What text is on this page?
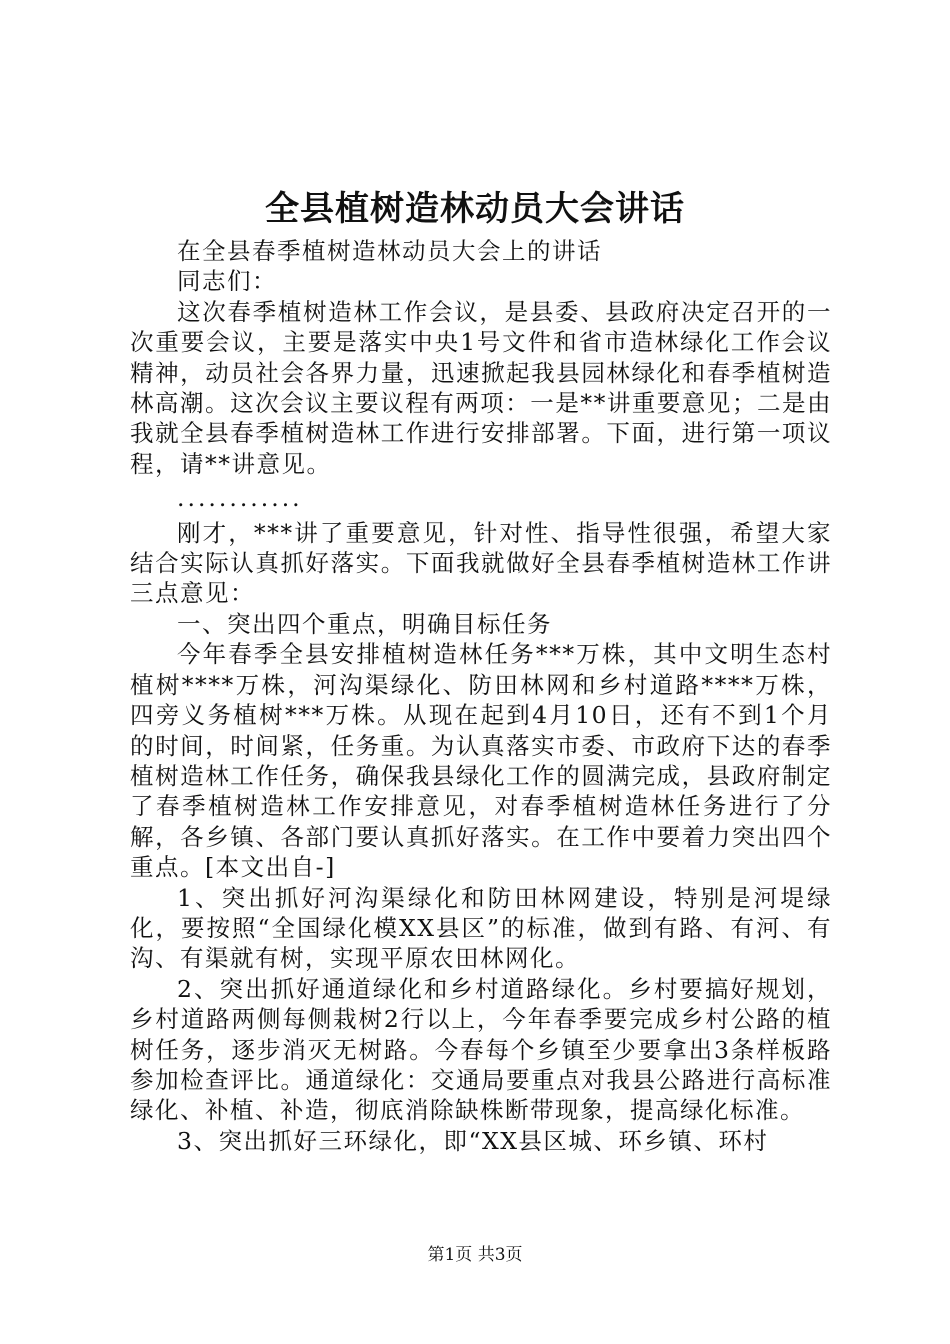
全县植树造林动员大会讲话

在全县春季植树造林动员大会上的讲话

同志们：

这次春季植树造林工作会议，是县委、县政府决定召开的一次重要会议，主要是落实中央1号文件和省市造林绿化工作会议精神，动员社会各界力量，迅速掀起我县园林绿化和春季植树造林高潮。这次会议主要议程有两项：一是**讲重要意见；二是由我就全县春季植树造林工作进行安排部署。下面，进行第一项议程，请**讲意见。

............

刚才，***讲了重要意见，针对性、指导性很强，希望大家结合实际认真抓好落实。下面我就做好全县春季植树造林工作讲三点意见：

一、突出四个重点，明确目标任务

今年春季全县安排植树造林任务***万株，其中文明生态村植树****万株，河沟渠绿化、防田林网和乡村道路****万株，四旁义务植树***万株。从现在起到4月10日，还有不到1个月的时间，时间紧，任务重。为认真落实市委、市政府下达的春季植树造林工作任务，确保我县绿化工作的圆满完成，县政府制定了春季植树造林工作安排意见，对春季植树造林任务进行了分解，各乡镇、各部门要认真抓好落实。在工作中要着力突出四个重点。[本文出自-]

1、突出抓好河沟渠绿化和防田林网建设，特别是河堤绿化，要按照“全国绿化模XX县区”的标准，做到有路、有河、有沟、有渠就有树，实现平原农田林网化。

2、突出抓好通道绿化和乡村道路绿化。乡村要搞好规划，乡村道路两侧每侧栽树2行以上，今年春季要完成乡村公路的植树任务，逐步消灭无树路。今春每个乡镇至少要拿出3条样板路参加检查评比。通道绿化：交通局要重点对我县公路进行高标准绿化、补植、补造，彻底消除缺株断带现象，提高绿化标准。

3、突出抓好三环绿化，即“XX县区城、环乡镇、环村

第1页 共3页
